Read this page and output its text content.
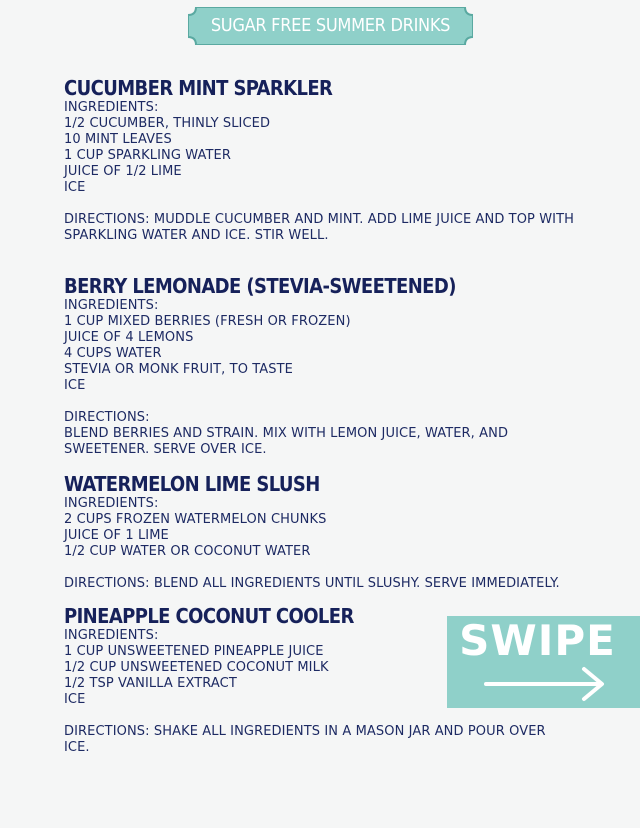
SUGAR FREE SUMMER DRINKS
CUCUMBER MINT SPARKLER
INGREDIENTS:
1/2 CUCUMBER, THINLY SLICED
10 MINT LEAVES
1 CUP SPARKLING WATER
JUICE OF 1/2 LIME
ICE
DIRECTIONS: MUDDLE CUCUMBER AND MINT. ADD LIME JUICE AND TOP WITH SPARKLING WATER AND ICE. STIR WELL.
BERRY LEMONADE (STEVIA-SWEETENED)
INGREDIENTS:
1 CUP MIXED BERRIES (FRESH OR FROZEN)
JUICE OF 4 LEMONS
4 CUPS WATER
STEVIA OR MONK FRUIT, TO TASTE
ICE
DIRECTIONS:
BLEND BERRIES AND STRAIN. MIX WITH LEMON JUICE, WATER, AND SWEETENER. SERVE OVER ICE.
WATERMELON LIME SLUSH
INGREDIENTS:
2 CUPS FROZEN WATERMELON CHUNKS
JUICE OF 1 LIME
1/2 CUP WATER OR COCONUT WATER
DIRECTIONS: BLEND ALL INGREDIENTS UNTIL SLUSHY. SERVE IMMEDIATELY.
PINEAPPLE COCONUT COOLER
INGREDIENTS:
1 CUP UNSWEETENED PINEAPPLE JUICE
1/2 CUP UNSWEETENED COCONUT MILK
1/2 TSP VANILLA EXTRACT
ICE
DIRECTIONS: SHAKE ALL INGREDIENTS IN A MASON JAR AND POUR OVER ICE.
SWIPE
